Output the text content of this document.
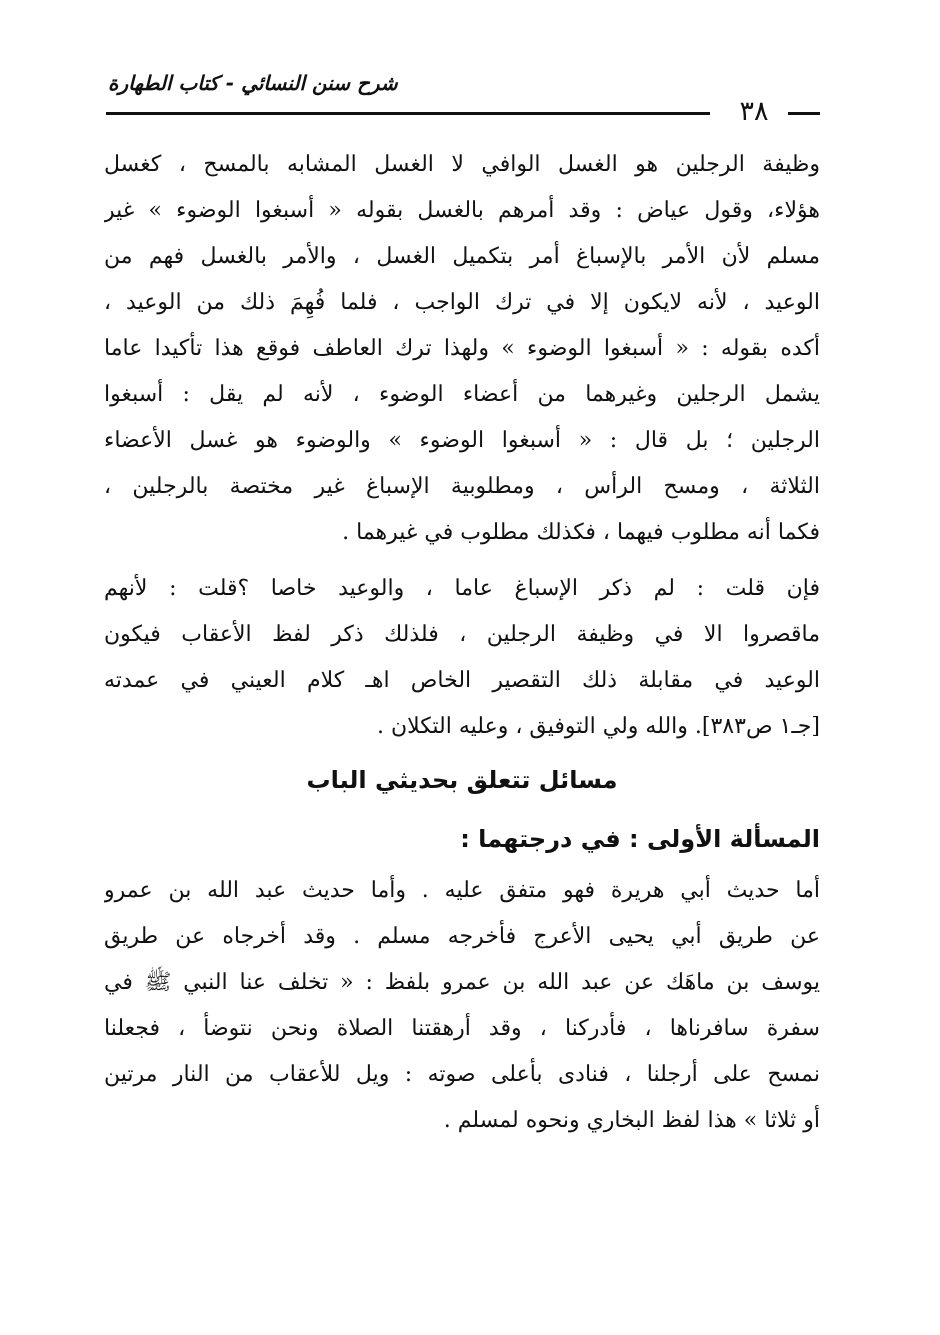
شرح سنن النسائي - كتاب الطهارة
٣٨
وظيفة الرجلين هو الغسل الوافي لا الغسل المشابه بالمسح ، كغسل
هؤلاء، وقول عياض : وقد أمرهم بالغسل بقوله « أسبغوا الوضوء » غير
مسلم لأن الأمر بالإسباغ أمر بتكميل الغسل ، والأمر بالغسل فهم من
الوعيد ، لأنه لايكون إلا في ترك الواجب ، فلما فُهِمَ ذلك من الوعيد ،
أكده بقوله : « أسبغوا الوضوء » ولهذا ترك العاطف فوقع هذا تأكيدا عاما
يشمل الرجلين وغيرهما من أعضاء الوضوء ، لأنه لم يقل : أسبغوا
الرجلين ؛ بل قال : « أسبغوا الوضوء » والوضوء هو غسل الأعضاء
الثلاثة ، ومسح الرأس ، ومطلوبية الإسباغ غير مختصة بالرجلين ،
فكما أنه مطلوب فيهما ، فكذلك مطلوب في غيرهما .
فإن قلت : لم ذكر الإسباغ عاما ، والوعيد خاصا ؟قلت : لأنهم
ماقصروا الا في وظيفة الرجلين ، فلذلك ذكر لفظ الأعقاب فيكون
الوعيد في مقابلة ذلك التقصير الخاص اهـ كلام العيني في عمدته
[جـ١ ص٣٨٣]. والله ولي التوفيق ، وعليه التكلان .
مسائل تتعلق بحديثي الباب
المسألة الأولى : في درجتهما :
أما حديث أبي هريرة فهو متفق عليه . وأما حديث عبد الله بن عمرو
عن طريق أبي يحيى الأعرج فأخرجه مسلم . وقد أخرجاه عن طريق
يوسف بن ماهَك عن عبد الله بن عمرو بلفظ : « تخلف عنا النبي ﷺ في
سفرة سافرناها ، فأدركنا ، وقد أرهقتنا الصلاة ونحن نتوضأ ، فجعلنا
نمسح على أرجلنا ، فنادى بأعلى صوته : ويل للأعقاب من النار مرتين
أو ثلاثا » هذا لفظ البخاري ونحوه لمسلم .
